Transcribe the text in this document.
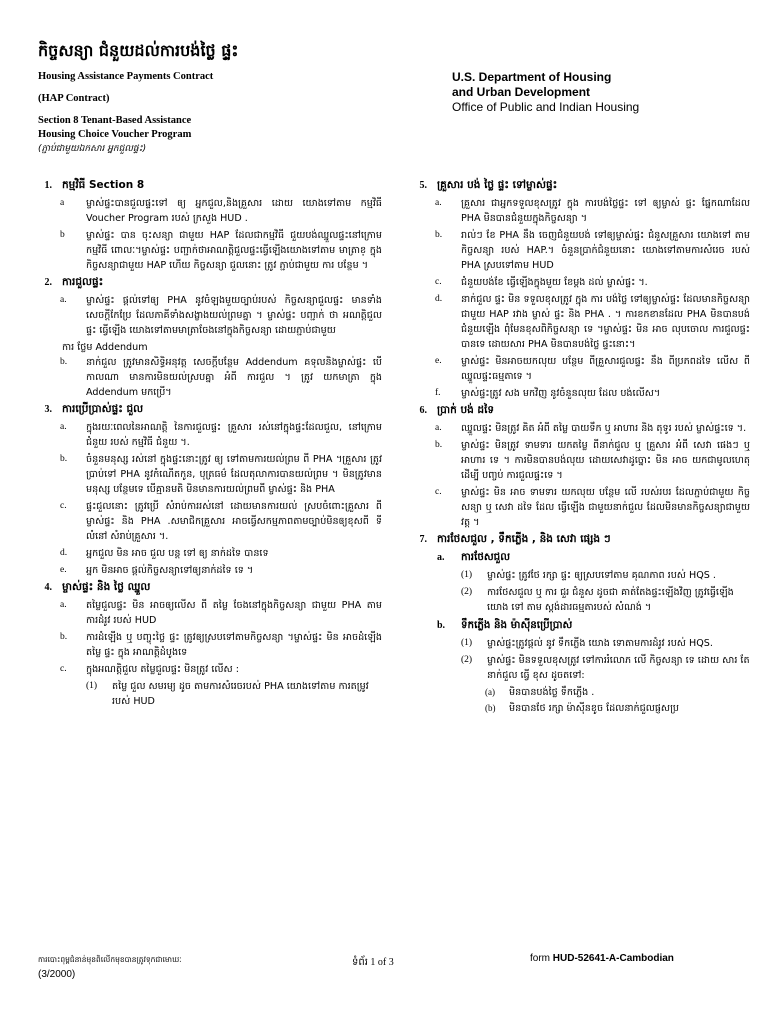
កិច្ចសន្យា ជំនួយដល់ការបង់ថ្លៃ ផ្ទះ
Housing Assistance Payments Contract
(HAP Contract)
Section 8 Tenant-Based Assistance
Housing Choice Voucher Program
(ភ្ជាប់ជាមួយឯកសារ អ្នកជួលផ្ទះ)
U.S. Department of Housing
and Urban Development
Office of Public and Indian Housing
1. កម្មវិធី Section 8
a	ម្ចាស់ផ្ទះបានជួលផ្ទះទៅ ឲ្យ អ្នកជួល,និងគ្រួសារ ដោយ យោងទៅតាម កម្មវិធី Voucher Program របស់ ក្រសួង HUD .
b	ម្ចាស់ផ្ទះ បាន ចុះសន្យា ជាមួយ HAP ដែលជាកម្មវិធី ជួយបង់ឈ្នួលផ្ទះនៅក្រោមកម្មវិធី ពោលៈ។ម្ចាស់ផ្ទះ បញ្ជាក់ថាអាណត្តិជួលផ្ទះធ្វើឡើងយោងទៅតាម មាត្រាខ្ ក្នុងកិច្ចសន្យាជាមួយ HAP ហើយ កិច្ចសន្យា ជួលនោះ ត្រូវ ភ្ជាប់ជាមួយ ការ បន្ថែម ។
2. ការជួលផ្ទះ
a.	ម្ចាស់ផ្ទះ ផ្តល់ទៅឲ្យ PHA នូវចំឡងមួយច្បាប់របស់ កិច្ចសន្យាជួលផ្ទះ មានទាំងសេចក្តីកែប្រែ ដែលភាគីទាំងសង្ខាងយល់ព្រមគ្នា ។ ម្ចាស់ផ្ទះ បញ្ជាក់ ថា អណត្តិជួលផ្ទះ ធ្វើឡើង យោងទៅតាមមាត្រាចែងនៅក្នុងកិច្ចសន្យា ដោយភ្ជាប់ជាមួយ
ការ ថ្លែម Addendum
b.	នាក់ជួល ត្រូវមានសិទ្ធិអនុវត្ត សេចក្តីបន្ថែម Addendum គទុលនិងម្ចាស់ផ្ទះ បើកាលណា មានការមិនយល់ស្របគ្នា អំពី ការជួល ។ ត្រូវ យកមាត្រា ក្នុង Addendum មកប្រើ។
3. ការប្រើប្រាស់ផ្ទះ ជួល
a.	ក្នុងរយៈពេលនៃអាណត្តិ នៃការជួលផ្ទះ គ្រួសារ រស់នៅក្នុងផ្ទះដែលជួល, នៅក្រោម ជំនួយ របស់ កម្មវិធី ជំនួយ ។.
b.	ចំនួនមនុស្ស រស់នៅ ក្នុងផ្ទះនោះត្រូវ ឲ្យ ទៅតាមការយល់ព្រម ពី PHA ។គ្រួសារ ត្រូវ ប្រាប់ទៅ PHA នូវកំណើតកូន, បុត្រធម៌ ដែលតុលាការបានយល់ព្រម ។ មិនត្រូវមានមនុស្ស បន្ថែមទេ បើគ្មានមតិ មិនមានការយល់ព្រមពី ម្ចាស់ផ្ទះ និង PHA
c.	ផ្ទះជួលនោះ ត្រូវប្រើ សំរាប់ការរស់នៅ ដោយមានការយល់ ស្របចំពោះគ្រួសារ ពី ម្ចាស់ផ្ទះ និង PHA .សមាជិកគ្រួសារ អាចធ្វើសកម្មភាពតាមច្បាប់មិនឲ្យខុសពី ទីលំនៅ សំរាប់គ្រួសារ ។.
d.	អ្នកជួល មិន អាច ជួល បន្ត ទៅ ឲ្យ នាក់ដទៃ បានទេ
e.	អ្នក មិនអាច ផ្តល់កិច្ចសន្យាទៅឲ្យនាក់ដទៃ ទេ ។
4. ម្ចាស់ផ្ទះ និង ថ្លៃ ឈ្នួល
a.	តម្លៃជួលផ្ទះ មិន អាចឲ្យលើស ពី តម្លៃ ចែងនៅក្នុងកិច្ចសន្យា ជាមួយ PHA តាមការដំរូវ របស់ HUD
b.	ការដំឡើង ឬ បញ្ចុះថ្លៃ ផ្ទះ ត្រូវឲ្យស្របទៅតាមកិច្ចសន្យា ។ម្ចាស់ផ្ទះ មិន អាចដំឡើង តម្លៃ ផ្ទះ ក្នុង អាណត្តិដំបូងទេ
c.	ក្នុងអណត្តិជួល តម្លៃជួលផ្ទះ មិនត្រូវ លើស :
(1)	តម្លៃ ជួល សមរម្យ ដូច តាមការសំរេចរបស់ PHA យោងទៅតាម ការតម្រូវ របស់ HUD
5. គ្រួសារ បង់ ថ្លៃ ផ្ទះ ទៅម្ចាស់ផ្ទះ
a.	គ្រួសារ ជាអ្នកទទួលខុសត្រូវ ក្នុង ការបង់ថ្លៃផ្ទះ ទៅ ឲ្យម្ចាស់ ផ្ទះ ផ្នែកណាដែល PHA មិនបានជំនួយក្នុងកិច្ចសន្យា ។
b.	រាល់ៗ ខែ PHA នឹង ចេញជំនួយបង់ ទៅឲ្យម្ចាស់ផ្ទះ ជំនួសគ្រួសារ យោងទៅ តាម កិច្ចសន្យា របស់ HAP.។ ចំនួនប្រាក់ជំនួយនោះ យោងទៅតាមការសំរេច របស់ PHA ស្របទៅតាម HUD
c.	ជំនួយបង់ខែ ធ្វើឡើងក្នុងមួយ ខែម្តង ដល់ ម្ចាស់ផ្ទះ ។.
d.	នាក់ជួល ផ្ទះ មិន ទទួលខុសត្រូវ ក្នុង ការ បង់ថ្លៃ ទៅឲ្យម្ចាស់ផ្ទះ ដែលមានកិច្ចសន្យា ជាមួយ HAP រវាង ម្ចាស់ ផ្ទះ និង PHA . ។ ការខកខានដែល PHA មិនបានបង់ជំនួយឡើង ពុំមែនខុសពិកិច្ចសន្យា ទេ ។ម្ចាស់ផ្ទះ មិន អាច លុបចោល ការជួលផ្ទះបានទេ ដោយសារ PHA មិនបានបង់ថ្លៃ ផ្ទះនោះ។
e.	ម្ចាស់ផ្ទះ មិនអាចយកលុយ បន្ថែម ពីគ្រួសារជួលផ្ទះ នឹង ពីប្រភពដទៃ លើស ពីឈ្នួលផ្ទះធម្មតាទេ ។
f.	ម្ចាស់ផ្ទះត្រូវ សង មកវិញ នូវចំនួនលុយ ដែល បង់លើស។
6. ប្រាក់ បង់ ដទៃ
a.	ឈ្នួលផ្ទះ មិនត្រូវ គិត អំពី តម្លៃ បាយទឹក ឬ អាហារ និង តុទូរ របស់ ម្ចាស់ផ្ទះទេ ។.
b.	ម្ចាស់ផ្ទះ មិនត្រូវ ទាមទារ យកតម្លៃ ពីនាក់ជួល ឬ គ្រួសារ អំពី សេវា ផេងៗ ឬ អាហារ ទេ ។ ការមិនបានបង់លុយ ដោយសេវាដូច្នោះ មិន អាច យកជាមូលហេតុដើម្បី បញ្ចប់ ការជួលផ្ទះទេ ។
c.	ម្ចាស់ផ្ទះ មិន អាច ទាមទារ យកលុយ បន្ថែម លើ របស់របរ ដែលភ្ជាប់ជាមួយ កិច្ចសន្យា ឬ សេវា ដទៃ ដែល ធ្វើឡើង ជាមួយនាក់ជួល ដែលមិនមានកិច្ចសន្យាជាមួយ វត្ត ។
7. ការថែសជួល , ទឹកភ្លើង , និង សេវា ផ្សេង ៗ
a.	ការថែសជួល
(1)	ម្ចាស់ផ្ទះ ត្រូវថែ រក្សា ផ្ទះ ឲ្យស្របទៅតាម គុណភាព របស់ HQS .
(2)	ការថែសជួល ឬ ការ ជួរ ជំនួស ដូចជា គាត់តែងផ្ទះឡើងវិញ ត្រូវធ្វើឡើង យោង ទៅ តាម ស្តង់ដារធម្មតារបស់ សំណង់ ។
b.	ទឹកភ្លើង និង ម៉ាស៊ីនប្រើប្រាស់
(1)	ម្ចាស់ផ្ទះត្រូវផ្តល់ នូវ ទឹកភ្លើង យោង ទោតាមការដំរូវ របស់ HQS.
(2)	ម្ចាស់ផ្ទះ មិនទទួលខុសត្រូវ ទៅការរំលោភ លើ កិច្ចសន្យា ទេ ដោយ សារ តែ នាក់ជួល ធ្វើ ខុស ដូចតទៅ:
(a)	មិនបានបង់ថ្លៃ ទឹកភ្លើង .
(b)	មិនបានថែ រក្សា ម៉ាស៊ីនខូច ដែលនាក់ជួលផ្ញសប្រ
ការបោះពុម្ពជំនាន់មុនពិលើកមុខបានត្រូវទុកជាមោឃៈ
(3/2000)
ទំព័រ 1 of 3	form HUD-52641-A-Cambodian
